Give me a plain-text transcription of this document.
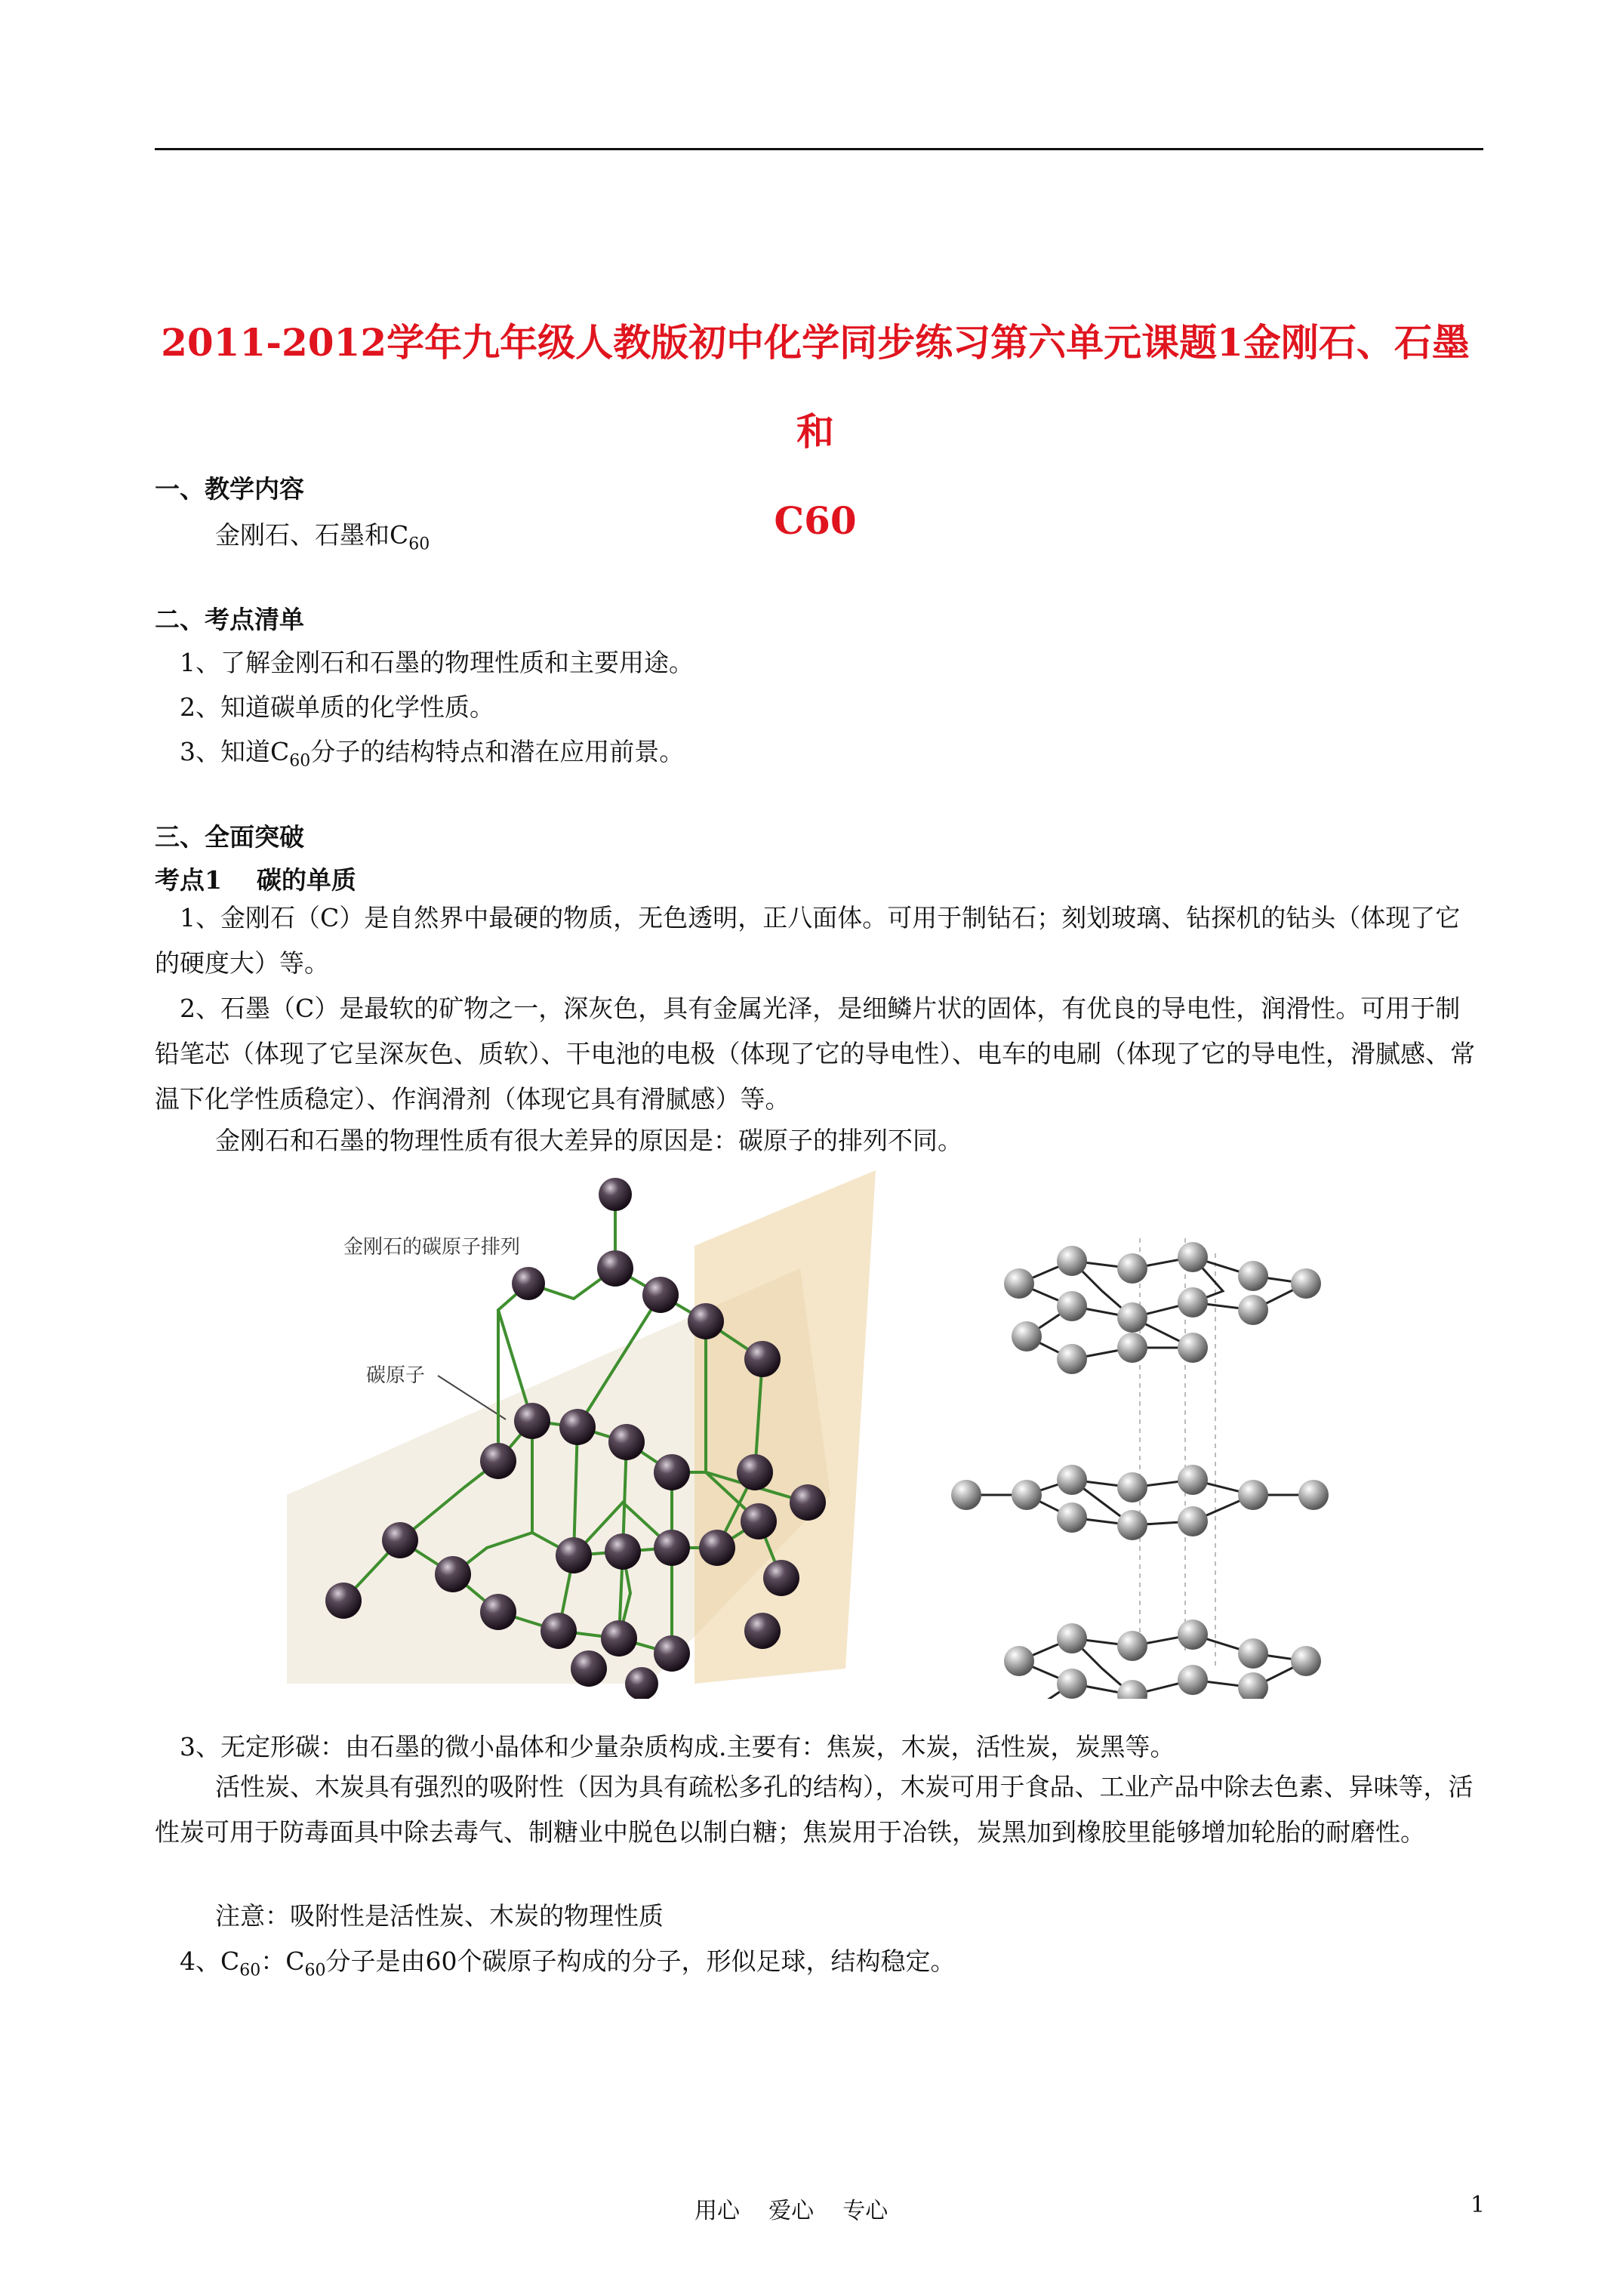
2011-2012学年九年级人教版初中化学同步练习第六单元课题1金刚石、石墨和
C60
一、教学内容
金刚石、石墨和$C_{60}$
二、考点清单
1、了解金刚石和石墨的物理性质和主要用途。
2、知道碳单质的化学性质。
3、知道$C_{60}$分子的结构特点和潜在应用前景。
三、全面突破
考点1    碳的单质
1、金刚石（C）是自然界中最硬的物质，无色透明，正八面体。可用于制钻石；刻划玻璃、钻探机的钻头（体现了它的硬度大）等。
2、石墨（C）是最软的矿物之一，深灰色，具有金属光泽，是细鳞片状的固体，有优良的导电性，润滑性。可用于制铅笔芯（体现了它呈深灰色、质软）、干电池的电极（体现了它的导电性）、电车的电刷（体现了它的导电性，滑腻感、常温下化学性质稳定）、作润滑剂（体现它具有滑腻感）等。
金刚石和石墨的物理性质有很大差异的原因是：碳原子的排列不同。
金刚石的碳原子排列
碳原子
3、无定形碳：由石墨的微小晶体和少量杂质构成.主要有：焦炭，木炭，活性炭，炭黑等。
活性炭、木炭具有强烈的吸附性（因为具有疏松多孔的结构），木炭可用于食品、工业产品中除去色素、异味等，活性炭可用于防毒面具中除去毒气、制糖业中脱色以制白糖；焦炭用于冶铁，炭黑加到橡胶里能够增加轮胎的耐磨性。
注意：吸附性是活性炭、木炭的物理性质
4、$C_{60}$：$C_{60}$分子是由60个碳原子构成的分子，形似足球，结构稳定。
用心    爱心    专心	1
